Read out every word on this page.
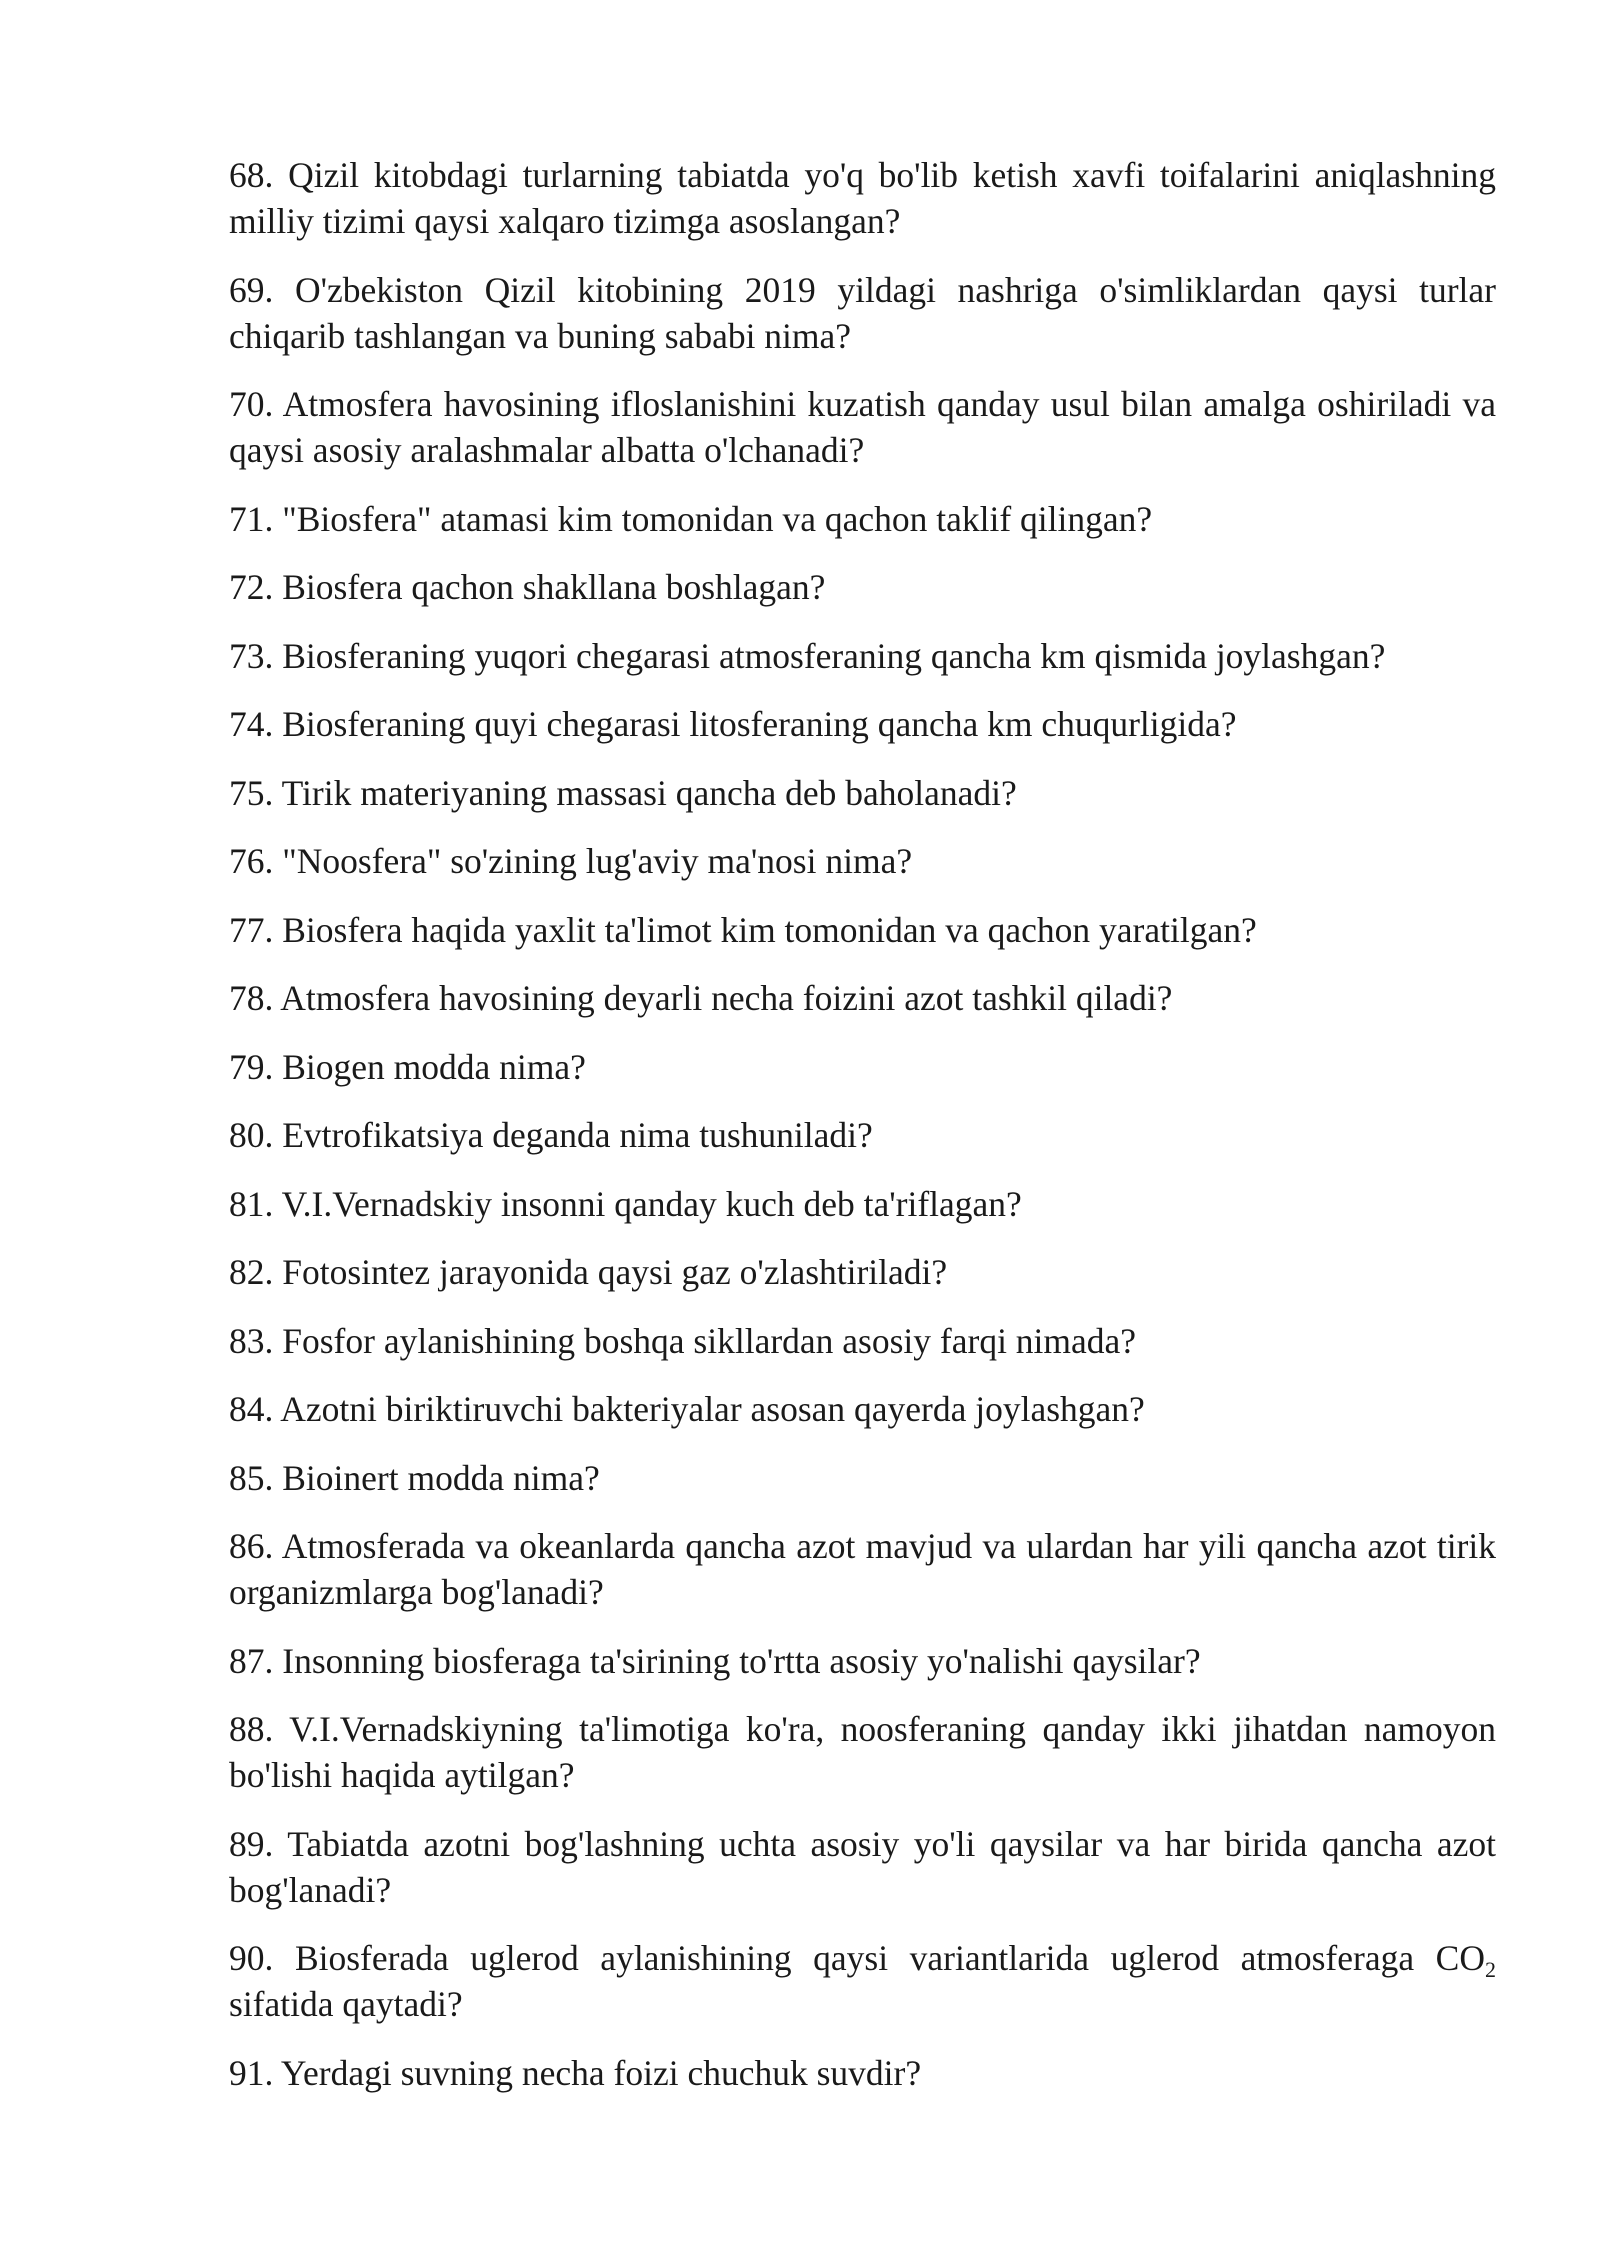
68. Qizil kitobdagi turlarning tabiatda yo'q bo'lib ketish xavfi toifalarini aniqlashning milliy tizimi qaysi xalqaro tizimga asoslangan?

69. O'zbekiston Qizil kitobining 2019 yildagi nashriga o'simliklardan qaysi turlar chiqarib tashlangan va buning sababi nima?

70. Atmosfera havosining ifloslanishini kuzatish qanday usul bilan amalga oshiriladi va qaysi asosiy aralashmalar albatta o'lchanadi?

71. "Biosfera" atamasi kim tomonidan va qachon taklif qilingan?

72. Biosfera qachon shakllana boshlagan?

73. Biosferaning yuqori chegarasi atmosferaning qancha km qismida joylashgan?

74. Biosferaning quyi chegarasi litosferaning qancha km chuqurligida?

75. Tirik materiyaning massasi qancha deb baholanadi?

76. "Noosfera" so'zining lug'aviy ma'nosi nima?

77. Biosfera haqida yaxlit ta'limot kim tomonidan va qachon yaratilgan?

78. Atmosfera havosining deyarli necha foizini azot tashkil qiladi?

79. Biogen modda nima?

80. Evtrofikatsiya deganda nima tushuniladi?

81. V.I.Vernadskiy insonni qanday kuch deb ta'riflagan?

82. Fotosintez jarayonida qaysi gaz o'zlashtiriladi?

83. Fosfor aylanishining boshqa sikllardan asosiy farqi nimada?

84. Azotni biriktiruvchi bakteriyalar asosan qayerda joylashgan?

85. Bioinert modda nima?

86. Atmosferada va okeanlarda qancha azot mavjud va ulardan har yili qancha azot tirik organizmlarga bog'lanadi?

87. Insonning biosferaga ta'sirining to'rtta asosiy yo'nalishi qaysilar?

88. V.I.Vernadskiyning ta'limotiga ko'ra, noosferaning qanday ikki jihatdan namoyon bo'lishi haqida aytilgan?

89. Tabiatda azotni bog'lashning uchta asosiy yo'li qaysilar va har birida qancha azot bog'lanadi?

90. Biosferada uglerod aylanishining qaysi variantlarida uglerod atmosferaga $CO_2$ sifatida qaytadi?

91. Yerdagi suvning necha foizi chuchuk suvdir?
